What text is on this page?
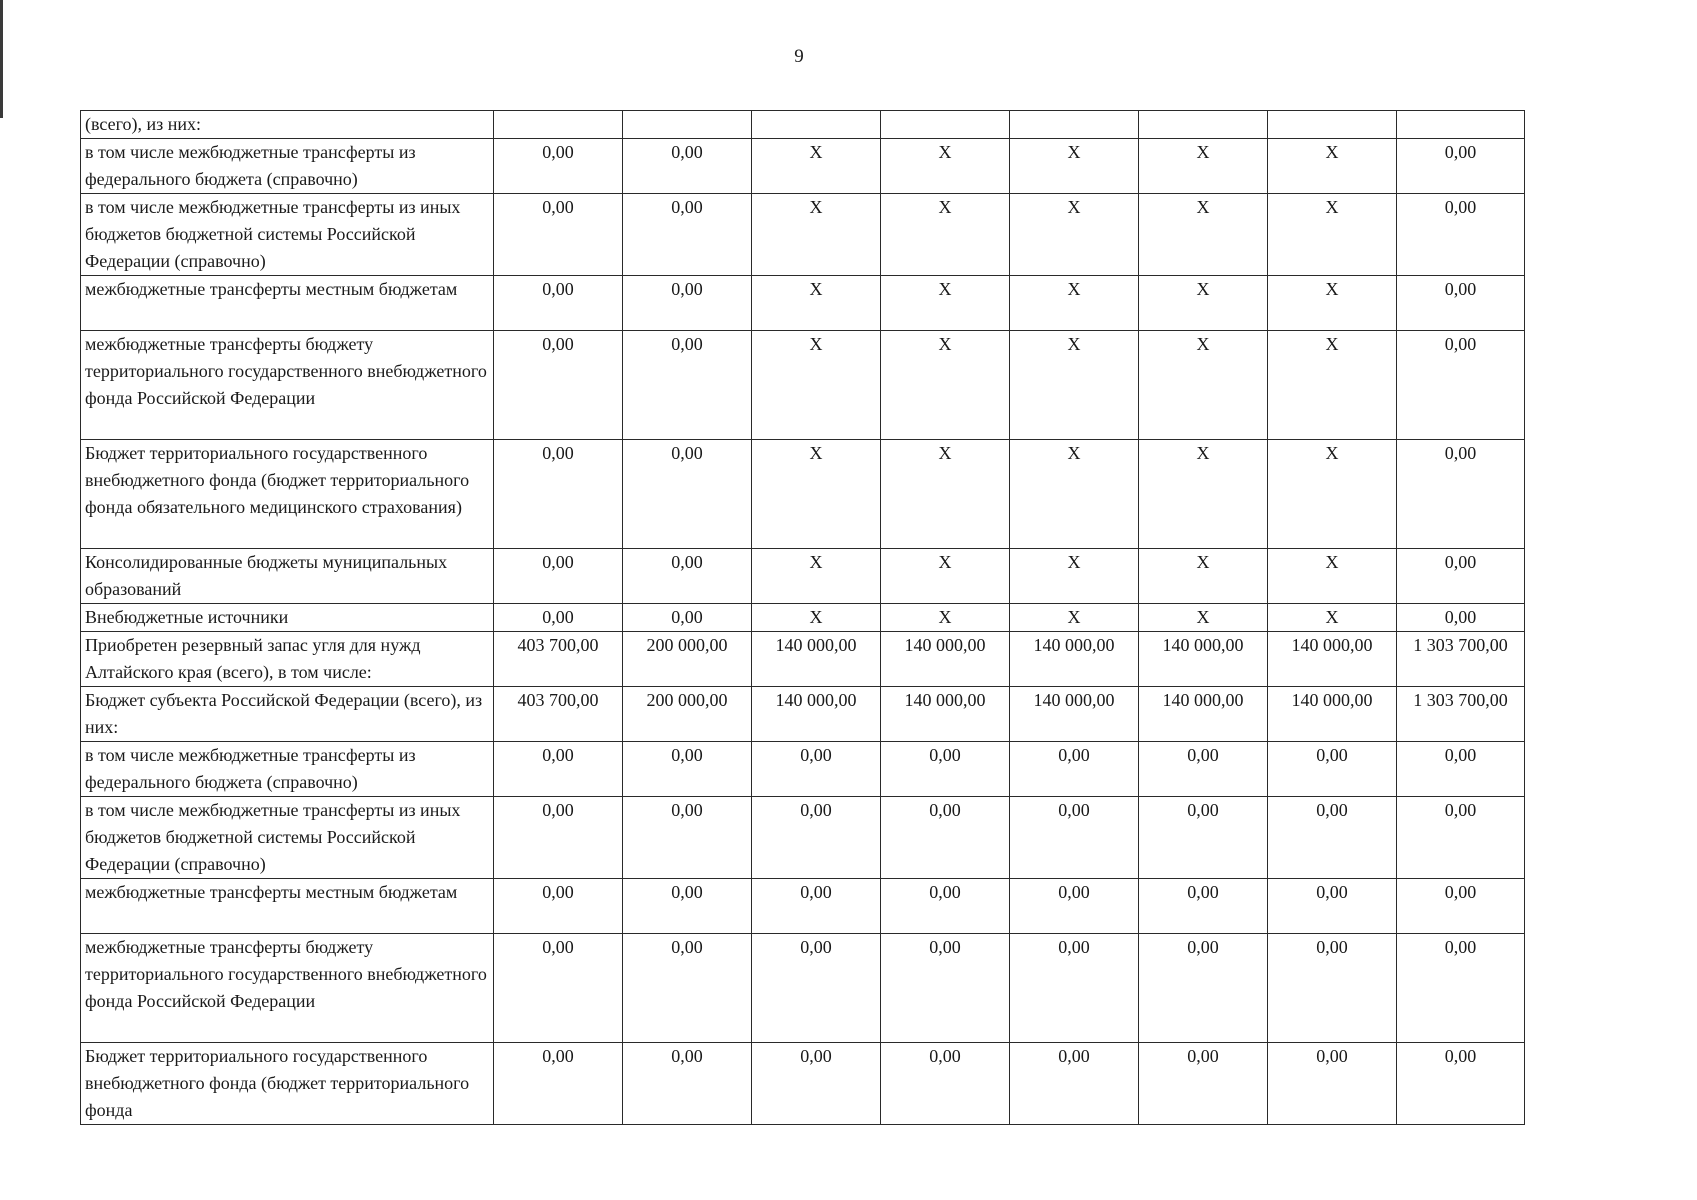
9
(всего), из них:								
в том числе межбюджетные трансферты из федерального бюджета (справочно)	0,00	0,00	X	X	X	X	X	0,00
в том числе межбюджетные трансферты из иных бюджетов бюджетной системы Российской Федерации (справочно)	0,00	0,00	X	X	X	X	X	0,00
межбюджетные трансферты местным бюджетам	0,00	0,00	X	X	X	X	X	0,00
межбюджетные трансферты бюджету территориального государственного внебюджетного фонда Российской Федерации	0,00	0,00	X	X	X	X	X	0,00
Бюджет территориального государственного внебюджетного фонда (бюджет территориального фонда обязательного медицинского страхования)	0,00	0,00	X	X	X	X	X	0,00
Консолидированные бюджеты муниципальных образований	0,00	0,00	X	X	X	X	X	0,00
Внебюджетные источники	0,00	0,00	X	X	X	X	X	0,00
Приобретен резервный запас угля для нужд Алтайского края (всего), в том числе:	403 700,00	200 000,00	140 000,00	140 000,00	140 000,00	140 000,00	140 000,00	1 303 700,00
Бюджет субъекта Российской Федерации (всего), из них:	403 700,00	200 000,00	140 000,00	140 000,00	140 000,00	140 000,00	140 000,00	1 303 700,00
в том числе межбюджетные трансферты из федерального бюджета (справочно)	0,00	0,00	0,00	0,00	0,00	0,00	0,00	0,00
в том числе межбюджетные трансферты из иных бюджетов бюджетной системы Российской Федерации (справочно)	0,00	0,00	0,00	0,00	0,00	0,00	0,00	0,00
межбюджетные трансферты местным бюджетам	0,00	0,00	0,00	0,00	0,00	0,00	0,00	0,00
межбюджетные трансферты бюджету территориального государственного внебюджетного фонда Российской Федерации	0,00	0,00	0,00	0,00	0,00	0,00	0,00	0,00
Бюджет территориального государственного внебюджетного фонда (бюджет территориального фонда	0,00	0,00	0,00	0,00	0,00	0,00	0,00	0,00
